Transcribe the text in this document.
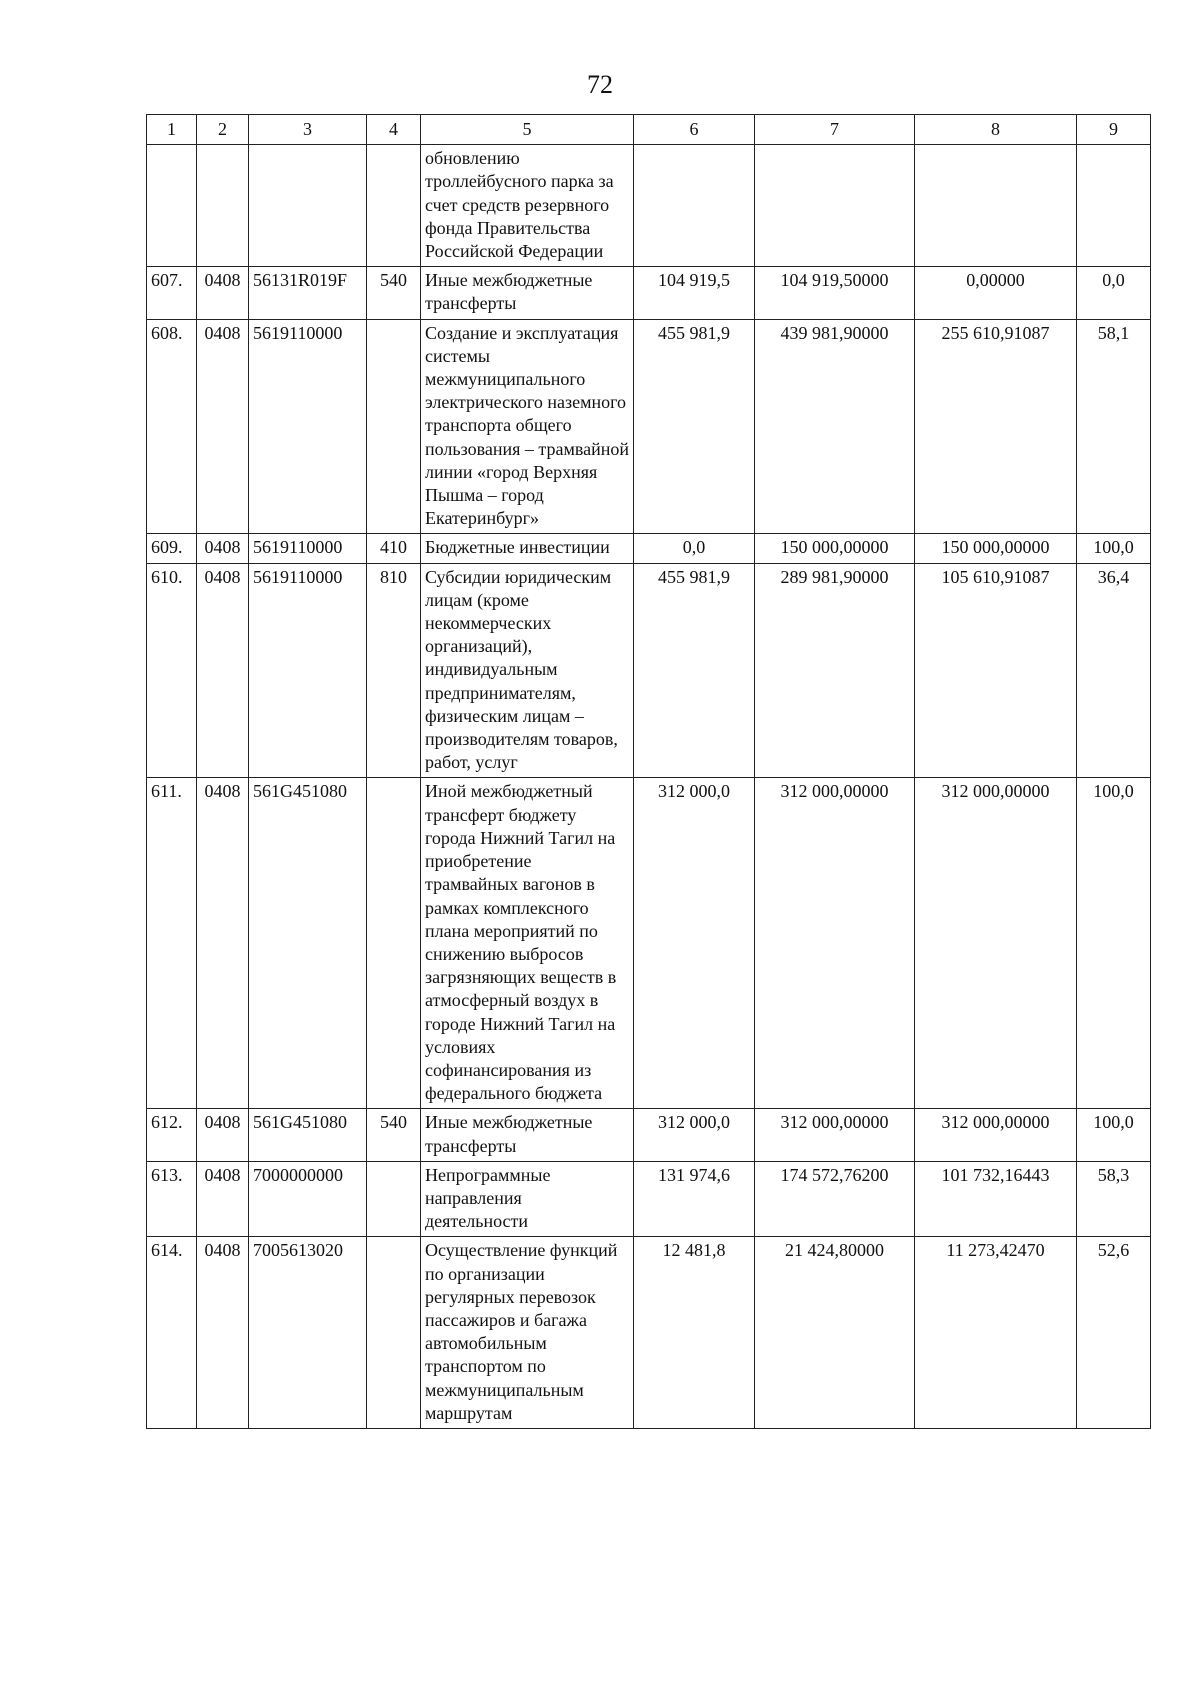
72
1	2	3	4	5	6	7	8	9
				обновлению троллейбусного парка за счет средств резервного фонда Правительства Российской Федерации				
607.	0408	56131R019F	540	Иные межбюджетные трансферты	104 919,5	104 919,50000	0,00000	0,0
608.	0408	5619110000		Создание и эксплуатация системы межмуниципального электрического наземного транспорта общего пользования – трамвайной линии «город Верхняя Пышма – город Екатеринбург»	455 981,9	439 981,90000	255 610,91087	58,1
609.	0408	5619110000	410	Бюджетные инвестиции	0,0	150 000,00000	150 000,00000	100,0
610.	0408	5619110000	810	Субсидии юридическим лицам (кроме некоммерческих организаций), индивидуальным предпринимателям, физическим лицам – производителям товаров, работ, услуг	455 981,9	289 981,90000	105 610,91087	36,4
611.	0408	561G451080		Иной межбюджетный трансферт бюджету города Нижний Тагил на приобретение трамвайных вагонов в рамках комплексного плана мероприятий по снижению выбросов загрязняющих веществ в атмосферный воздух в городе Нижний Тагил на условиях софинансирования из федерального бюджета	312 000,0	312 000,00000	312 000,00000	100,0
612.	0408	561G451080	540	Иные межбюджетные трансферты	312 000,0	312 000,00000	312 000,00000	100,0
613.	0408	7000000000		Непрограммные направления деятельности	131 974,6	174 572,76200	101 732,16443	58,3
614.	0408	7005613020		Осуществление функций по организации регулярных перевозок пассажиров и багажа автомобильным транспортом по межмуниципальным маршрутам	12 481,8	21 424,80000	11 273,42470	52,6
